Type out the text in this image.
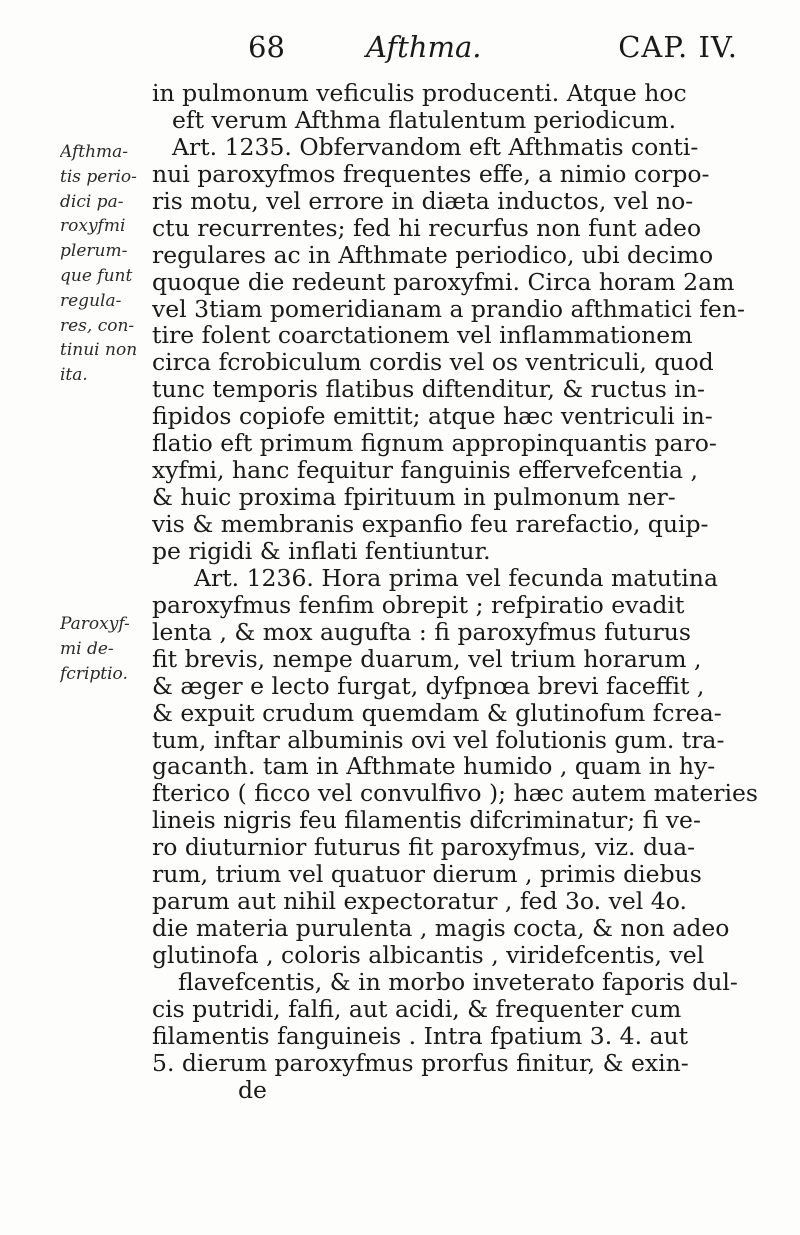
68	Afthma.	CAP. IV.
Afthma-
tis perio-
dici pa-
roxyfmi
plerum-
que funt
regula-
res, con-
tinui non
ita.
Paroxyf-
mi de-
fcriptio.
in pulmonum veficulis producenti. Atque hoc
eft verum Afthma flatulentum periodicum.
Art. 1235. Obfervandom eft Afthmatis conti-
nui paroxyfmos frequentes effe, a nimio corpo-
ris motu, vel errore in diæta inductos, vel no-
ctu recurrentes; fed hi recurfus non funt adeo
regulares ac in Afthmate periodico, ubi decimo
quoque die redeunt paroxyfmi. Circa horam 2am
vel 3tiam pomeridianam a prandio afthmatici fen-
tire folent coarctationem vel inflammationem
circa fcrobiculum cordis vel os ventriculi, quod
tunc temporis flatibus diftenditur, & ructus in-
fipidos copiofe emittit; atque hæc ventriculi in-
flatio eft primum fignum appropinquantis paro-
xyfmi, hanc fequitur fanguinis effervefcentia ,
& huic proxima fpirituum in pulmonum ner-
vis & membranis expanfio feu rarefactio, quip-
pe rigidi & inflati fentiuntur.
Art. 1236. Hora prima vel fecunda matutina
paroxyfmus fenfim obrepit ; refpiratio evadit
lenta , & mox augufta : fi paroxyfmus futurus
fit brevis, nempe duarum, vel trium horarum ,
& æger e lecto furgat, dyfpnœa brevi faceffit ,
& expuit crudum quemdam & glutinofum fcrea-
tum, inftar albuminis ovi vel folutionis gum. tra-
gacanth. tam in Afthmate humido , quam in hy-
fterico ( ficco vel convulfivo ); hæc autem materies
lineis nigris feu filamentis difcriminatur; fi ve-
ro diuturnior futurus fit paroxyfmus, viz. dua-
rum, trium vel quatuor dierum , primis diebus
parum aut nihil expectoratur , fed 3o. vel 4o.
die materia purulenta , magis cocta, & non adeo
glutinofa , coloris albicantis , viridefcentis, vel
flavefcentis, & in morbo inveterato faporis dul-
cis putridi, falfi, aut acidi, & frequenter cum
filamentis fanguineis . Intra fpatium 3. 4. aut
5. dierum paroxyfmus prorfus finitur, & exin-
de
